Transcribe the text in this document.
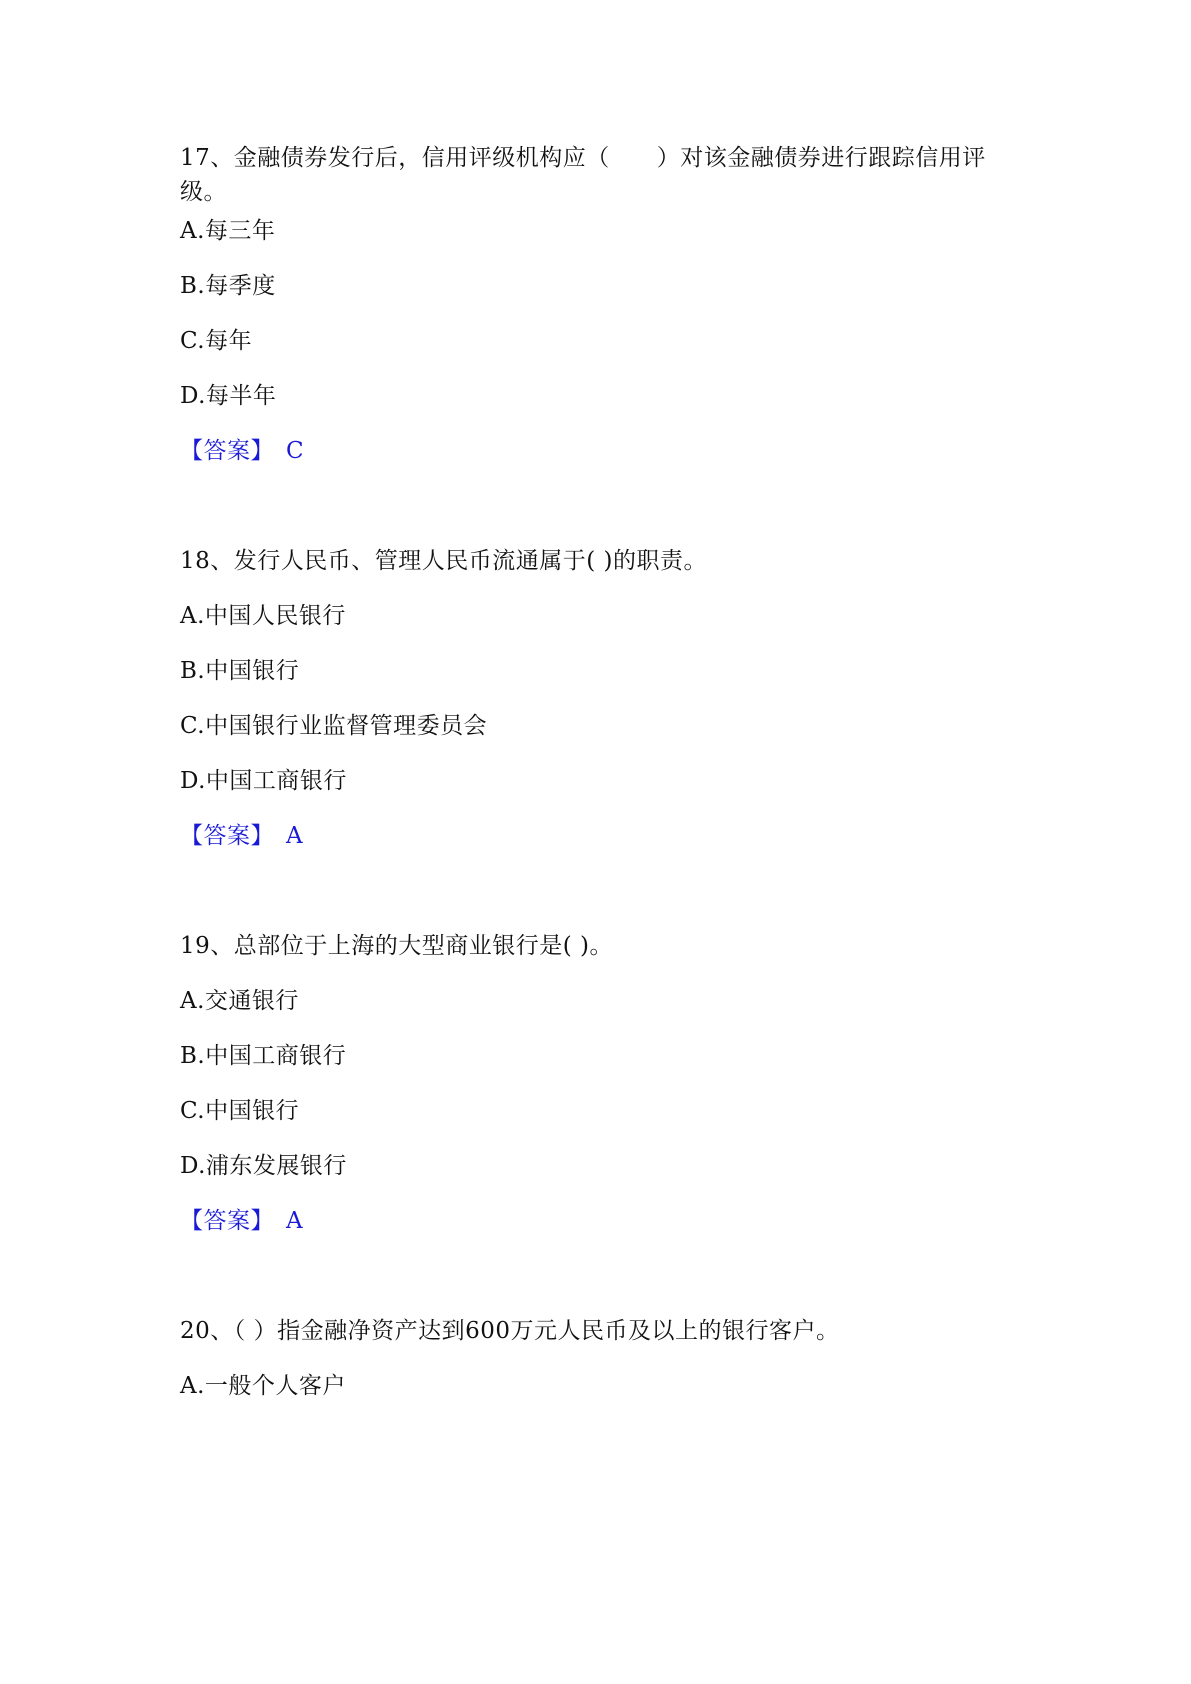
17、金融债券发行后，信用评级机构应（　　）对该金融债券进行跟踪信用评级。
A.每三年
B.每季度
C.每年
D.每半年
【答案】 C
18、发行人民币、管理人民币流通属于( )的职责。
A.中国人民银行
B.中国银行
C.中国银行业监督管理委员会
D.中国工商银行
【答案】 A
19、总部位于上海的大型商业银行是( )。
A.交通银行
B.中国工商银行
C.中国银行
D.浦东发展银行
【答案】 A
20、（ ）指金融净资产达到600万元人民币及以上的银行客户。
A.一般个人客户
